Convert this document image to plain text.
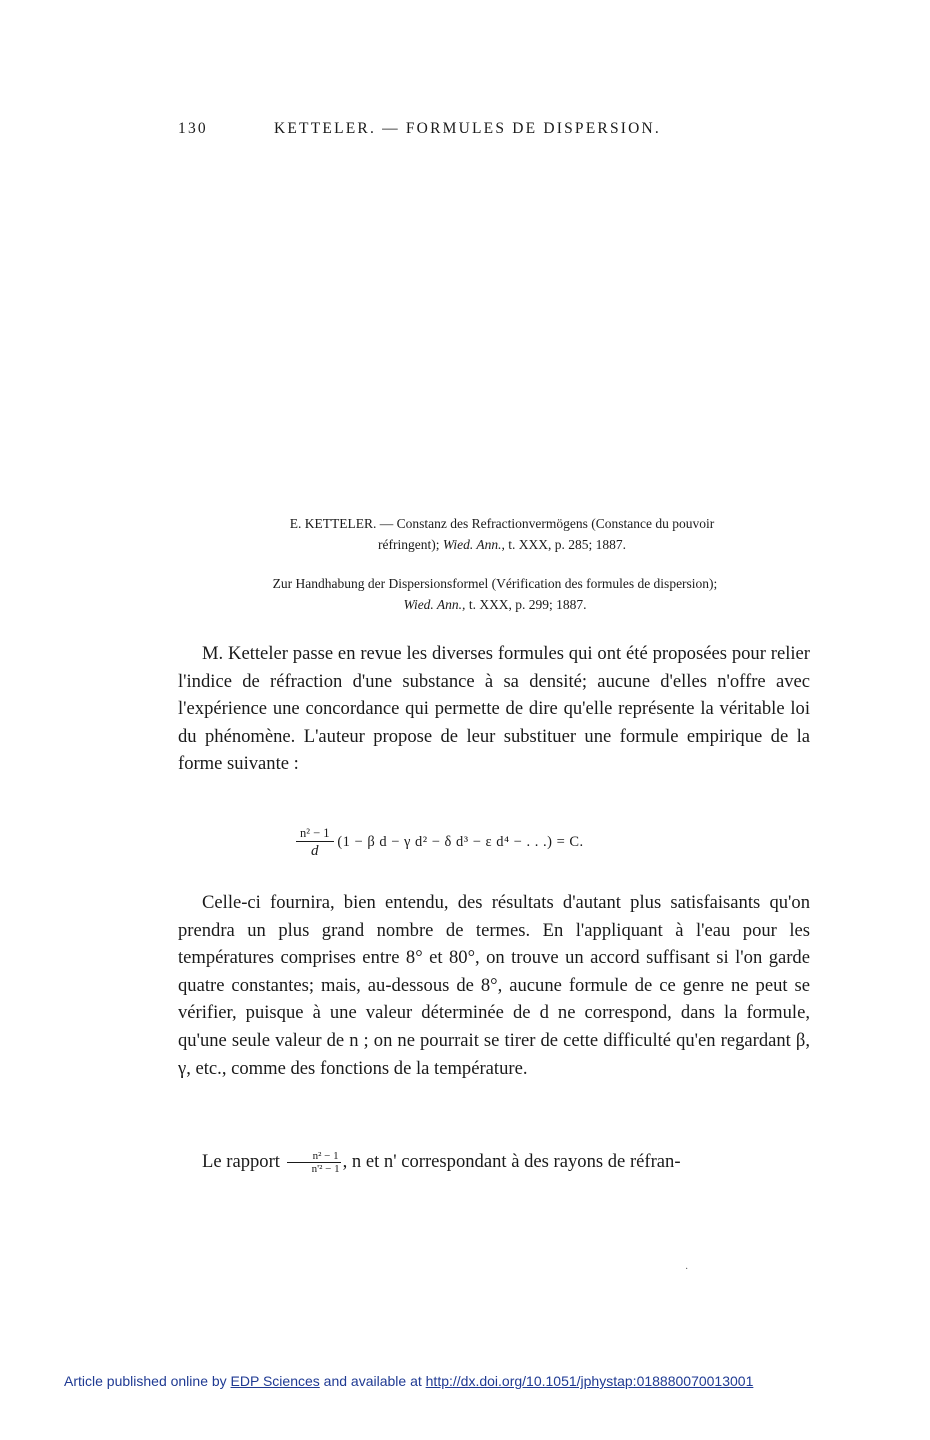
130	KETTELER. — FORMULES DE DISPERSION.
E. KETTELER. — Constanz des Refractionvermögens (Constance du pouvoir
réfringent); Wied. Ann., t. XXX, p. 285; 1887.
Zur Handhabung der Dispersionsformel (Vérification des formules de dispersion);
Wied. Ann., t. XXX, p. 299; 1887.
M. Ketteler passe en revue les diverses formules qui ont été proposées pour relier l'indice de réfraction d'une substance à sa densité; aucune d'elles n'offre avec l'expérience une concordance qui permette de dire qu'elle représente la véritable loi du phénomène. L'auteur propose de leur substituer une formule empirique de la forme suivante :
$\frac{\text{n² − 1}}{d} (1 - \beta$ d − γ d² − δ d³ − ε d⁴ − . . .) = C.
Celle-ci fournira, bien entendu, des résultats d'autant plus satisfaisants qu'on prendra un plus grand nombre de termes. En l'appliquant à l'eau pour les températures comprises entre 8° et 80°, on trouve un accord suffisant si l'on garde quatre constantes; mais, au-dessous de 8°, aucune formule de ce genre ne peut se vérifier, puisque à une valeur déterminée de d ne correspond, dans la formule, qu'une seule valeur de n ; on ne pourrait se tirer de cette difficulté qu'en regardant β, γ, etc., comme des fonctions de la température.
Le rapport $\frac{\text{n² − 1}}{\text{n'² − 1}}$ , n et n' correspondant à des rayons de réfran-
·
Article published online by EDP Sciences and available at http://dx.doi.org/10.1051/jphystap:018880070013001
